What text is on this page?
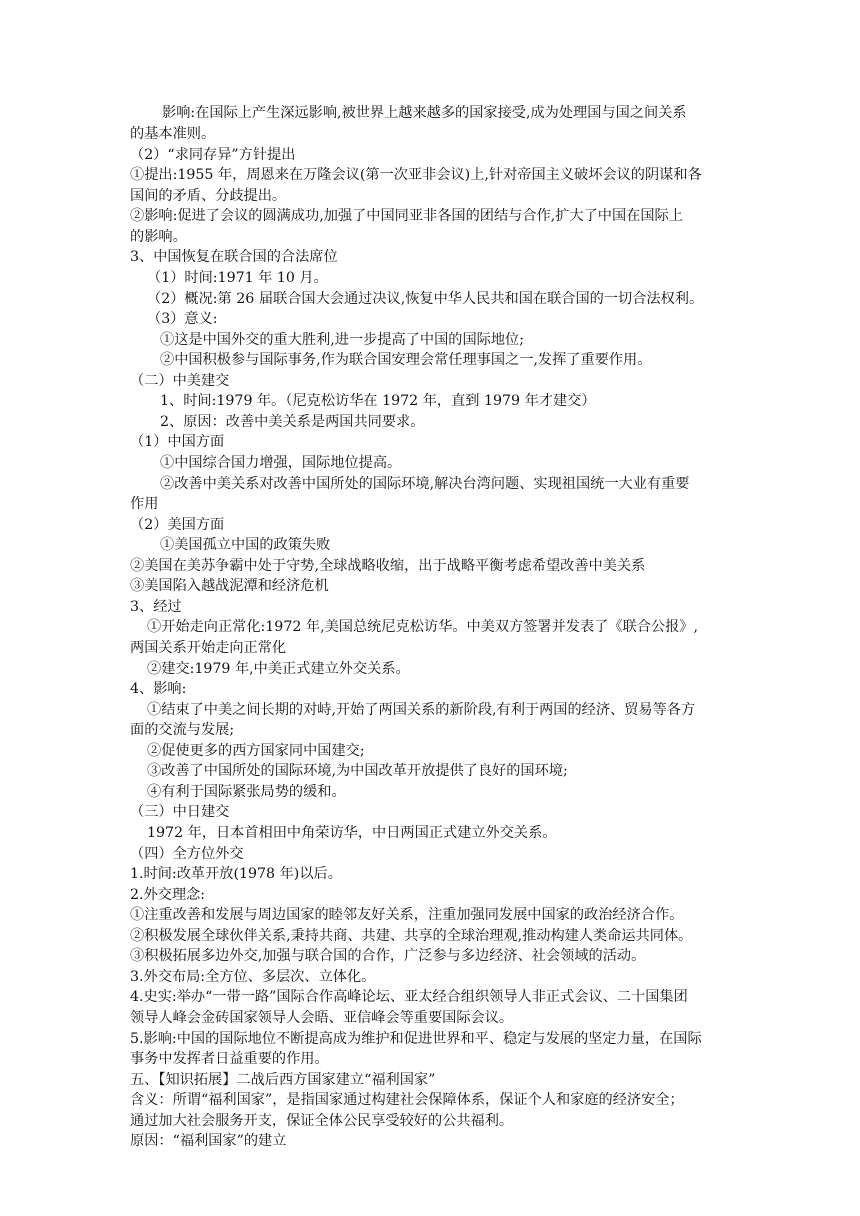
影响:在国际上产生深远影响,被世界上越来越多的国家接受,成为处理国与国之间关系
的基本准则。
（2）“求同存异”方针提出
①提出:1955 年，周恩来在万隆会议(第一次亚非会议)上,针对帝国主义破坏会议的阴谋和各
国间的矛盾、分歧提出。
②影响:促进了会议的圆满成功,加强了中国同亚非各国的团结与合作,扩大了中国在国际上
的影响。
3、中国恢复在联合国的合法席位
（1）时间:1971 年 10 月。
（2）概况:第 26 届联合国大会通过决议,恢复中华人民共和国在联合国的一切合法权利。
（3）意义:
①这是中国外交的重大胜利,进一步提高了中国的国际地位;
②中国积极参与国际事务,作为联合国安理会常任理事国之一,发挥了重要作用。
（二）中美建交
1、时间:1979 年。（尼克松访华在 1972 年，直到 1979 年才建交）
2、原因：改善中美关系是两国共同要求。
（1）中国方面
①中国综合国力增强，国际地位提高。
②改善中美关系对改善中国所处的国际环境,解决台湾问题、实现祖国统一大业有重要
作用
（2）美国方面
①美国孤立中国的政策失败
②美国在美苏争霸中处于守势,全球战略收缩，出于战略平衡考虑希望改善中美关系
③美国陷入越战泥潭和经济危机
3、经过
①开始走向正常化:1972 年,美国总统尼克松访华。中美双方签署并发表了《联合公报》,
两国关系开始走向正常化
②建交:1979 年,中美正式建立外交关系。
4、影响:
①结束了中美之间长期的对峙,开始了两国关系的新阶段,有利于两国的经济、贸易等各方
面的交流与发展;
②促使更多的西方国家同中国建交;
③改善了中国所处的国际环境,为中国改革开放提供了良好的国环境;
④有利于国际紧张局势的缓和。
（三）中日建交
1972 年，日本首相田中角荣访华，中日两国正式建立外交关系。
（四）全方位外交
1.时间:改革开放(1978 年)以后。
2.外交理念:
①注重改善和发展与周边国家的睦邻友好关系，注重加强同发展中国家的政治经济合作。
②积极发展全球伙伴关系,秉持共商、共建、共享的全球治理观,推动构建人类命运共同体。
③积极拓展多边外交,加强与联合国的合作，广泛参与多边经济、社会领域的活动。
3.外交布局:全方位、多层次、立体化。
4.史实:举办“一带一路”国际合作高峰论坛、亚太经合组织领导人非正式会议、二十国集团
领导人峰会金砖国家领导人会晤、亚信峰会等重要国际会议。
5.影响:中国的国际地位不断提高成为维护和促进世界和平、稳定与发展的坚定力量，在国际
事务中发挥者日益重要的作用。
五、【知识拓展】二战后西方国家建立“福利国家”
含义：所谓“福利国家”，是指国家通过构建社会保障体系，保证个人和家庭的经济安全；
通过加大社会服务开支，保证全体公民享受较好的公共福利。
原因：“福利国家”的建立
